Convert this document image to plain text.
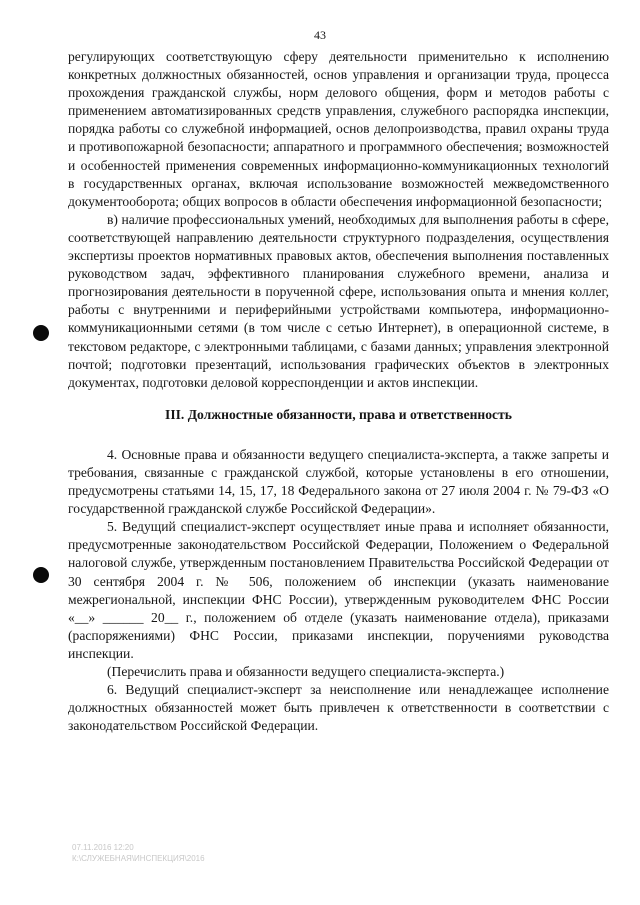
43

регулирующих соответствующую сферу деятельности применительно к исполнению конкретных должностных обязанностей, основ управления и организации труда, процесса прохождения гражданской службы, норм делового общения, форм и методов работы с применением автоматизированных средств управления, служебного распорядка инспекции, порядка работы со служебной информацией, основ делопроизводства, правил охраны труда и противопожарной безопасности; аппаратного и программного обеспечения; возможностей и особенностей применения современных информационно-коммуникационных технологий в государственных органах, включая использование возможностей межведомственного документооборота; общих вопросов в области обеспечения информационной безопасности;

в) наличие профессиональных умений, необходимых для выполнения работы в сфере, соответствующей направлению деятельности структурного подразделения, осуществления экспертизы проектов нормативных правовых актов, обеспечения выполнения поставленных руководством задач, эффективного планирования служебного времени, анализа и прогнозирования деятельности в порученной сфере, использования опыта и мнения коллег, работы с внутренними и периферийными устройствами компьютера, информационно-коммуникационными сетями (в том числе с сетью Интернет), в операционной системе, в текстовом редакторе, с электронными таблицами, с базами данных; управления электронной почтой; подготовки презентаций, использования графических объектов в электронных документах, подготовки деловой корреспонденции и актов инспекции.

III. Должностные обязанности, права и ответственность

4. Основные права и обязанности ведущего специалиста-эксперта, а также запреты и требования, связанные с гражданской службой, которые установлены в его отношении, предусмотрены статьями 14, 15, 17, 18 Федерального закона от 27 июля 2004 г. № 79-ФЗ «О государственной гражданской службе Российской Федерации».

5. Ведущий специалист-эксперт осуществляет иные права и исполняет обязанности, предусмотренные законодательством Российской Федерации, Положением о Федеральной налоговой службе, утвержденным постановлением Правительства Российской Федерации от 30 сентября 2004 г. № 506, положением об инспекции (указать наименование межрегиональной, инспекции ФНС России), утвержденным руководителем ФНС России «__» ______ 20__ г., положением об отделе (указать наименование отдела), приказами (распоряжениями) ФНС России, приказами инспекции, поручениями руководства инспекции.

(Перечислить права и обязанности ведущего специалиста-эксперта.)

6. Ведущий специалист-эксперт за неисполнение или ненадлежащее исполнение должностных обязанностей может быть привлечен к ответственности в соответствии с законодательством Российской Федерации.

07.11.2016 12:20
К:\СЛУЖЕБНАЯ\ИНСПЕКЦИЯ\2016
